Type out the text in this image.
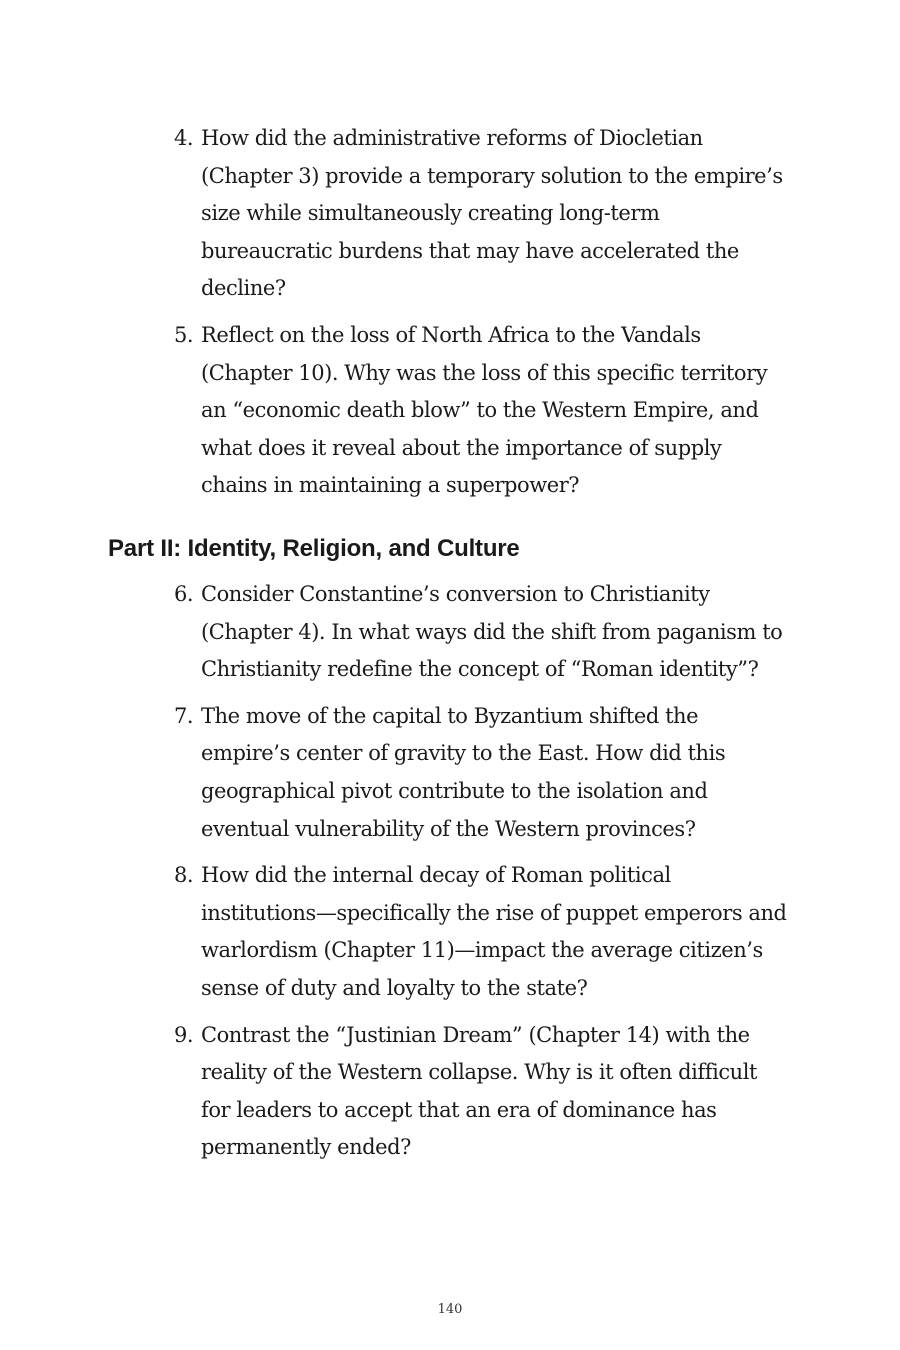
4. How did the administrative reforms of Diocletian (Chapter 3) provide a temporary solution to the empire’s size while simultaneously creating long-term bureaucratic burdens that may have accelerated the decline?
5. Reflect on the loss of North Africa to the Vandals (Chapter 10). Why was the loss of this specific territory an “economic death blow” to the Western Empire, and what does it reveal about the importance of supply chains in maintaining a superpower?
Part II: Identity, Religion, and Culture
6. Consider Constantine’s conversion to Christianity (Chapter 4). In what ways did the shift from paganism to Christianity redefine the concept of “Roman identity”?
7. The move of the capital to Byzantium shifted the empire’s center of gravity to the East. How did this geographical pivot contribute to the isolation and eventual vulnerability of the Western provinces?
8. How did the internal decay of Roman political institutions—specifically the rise of puppet emperors and warlordism (Chapter 11)—impact the average citizen’s sense of duty and loyalty to the state?
9. Contrast the “Justinian Dream” (Chapter 14) with the reality of the Western collapse. Why is it often difficult for leaders to accept that an era of dominance has permanently ended?
140
